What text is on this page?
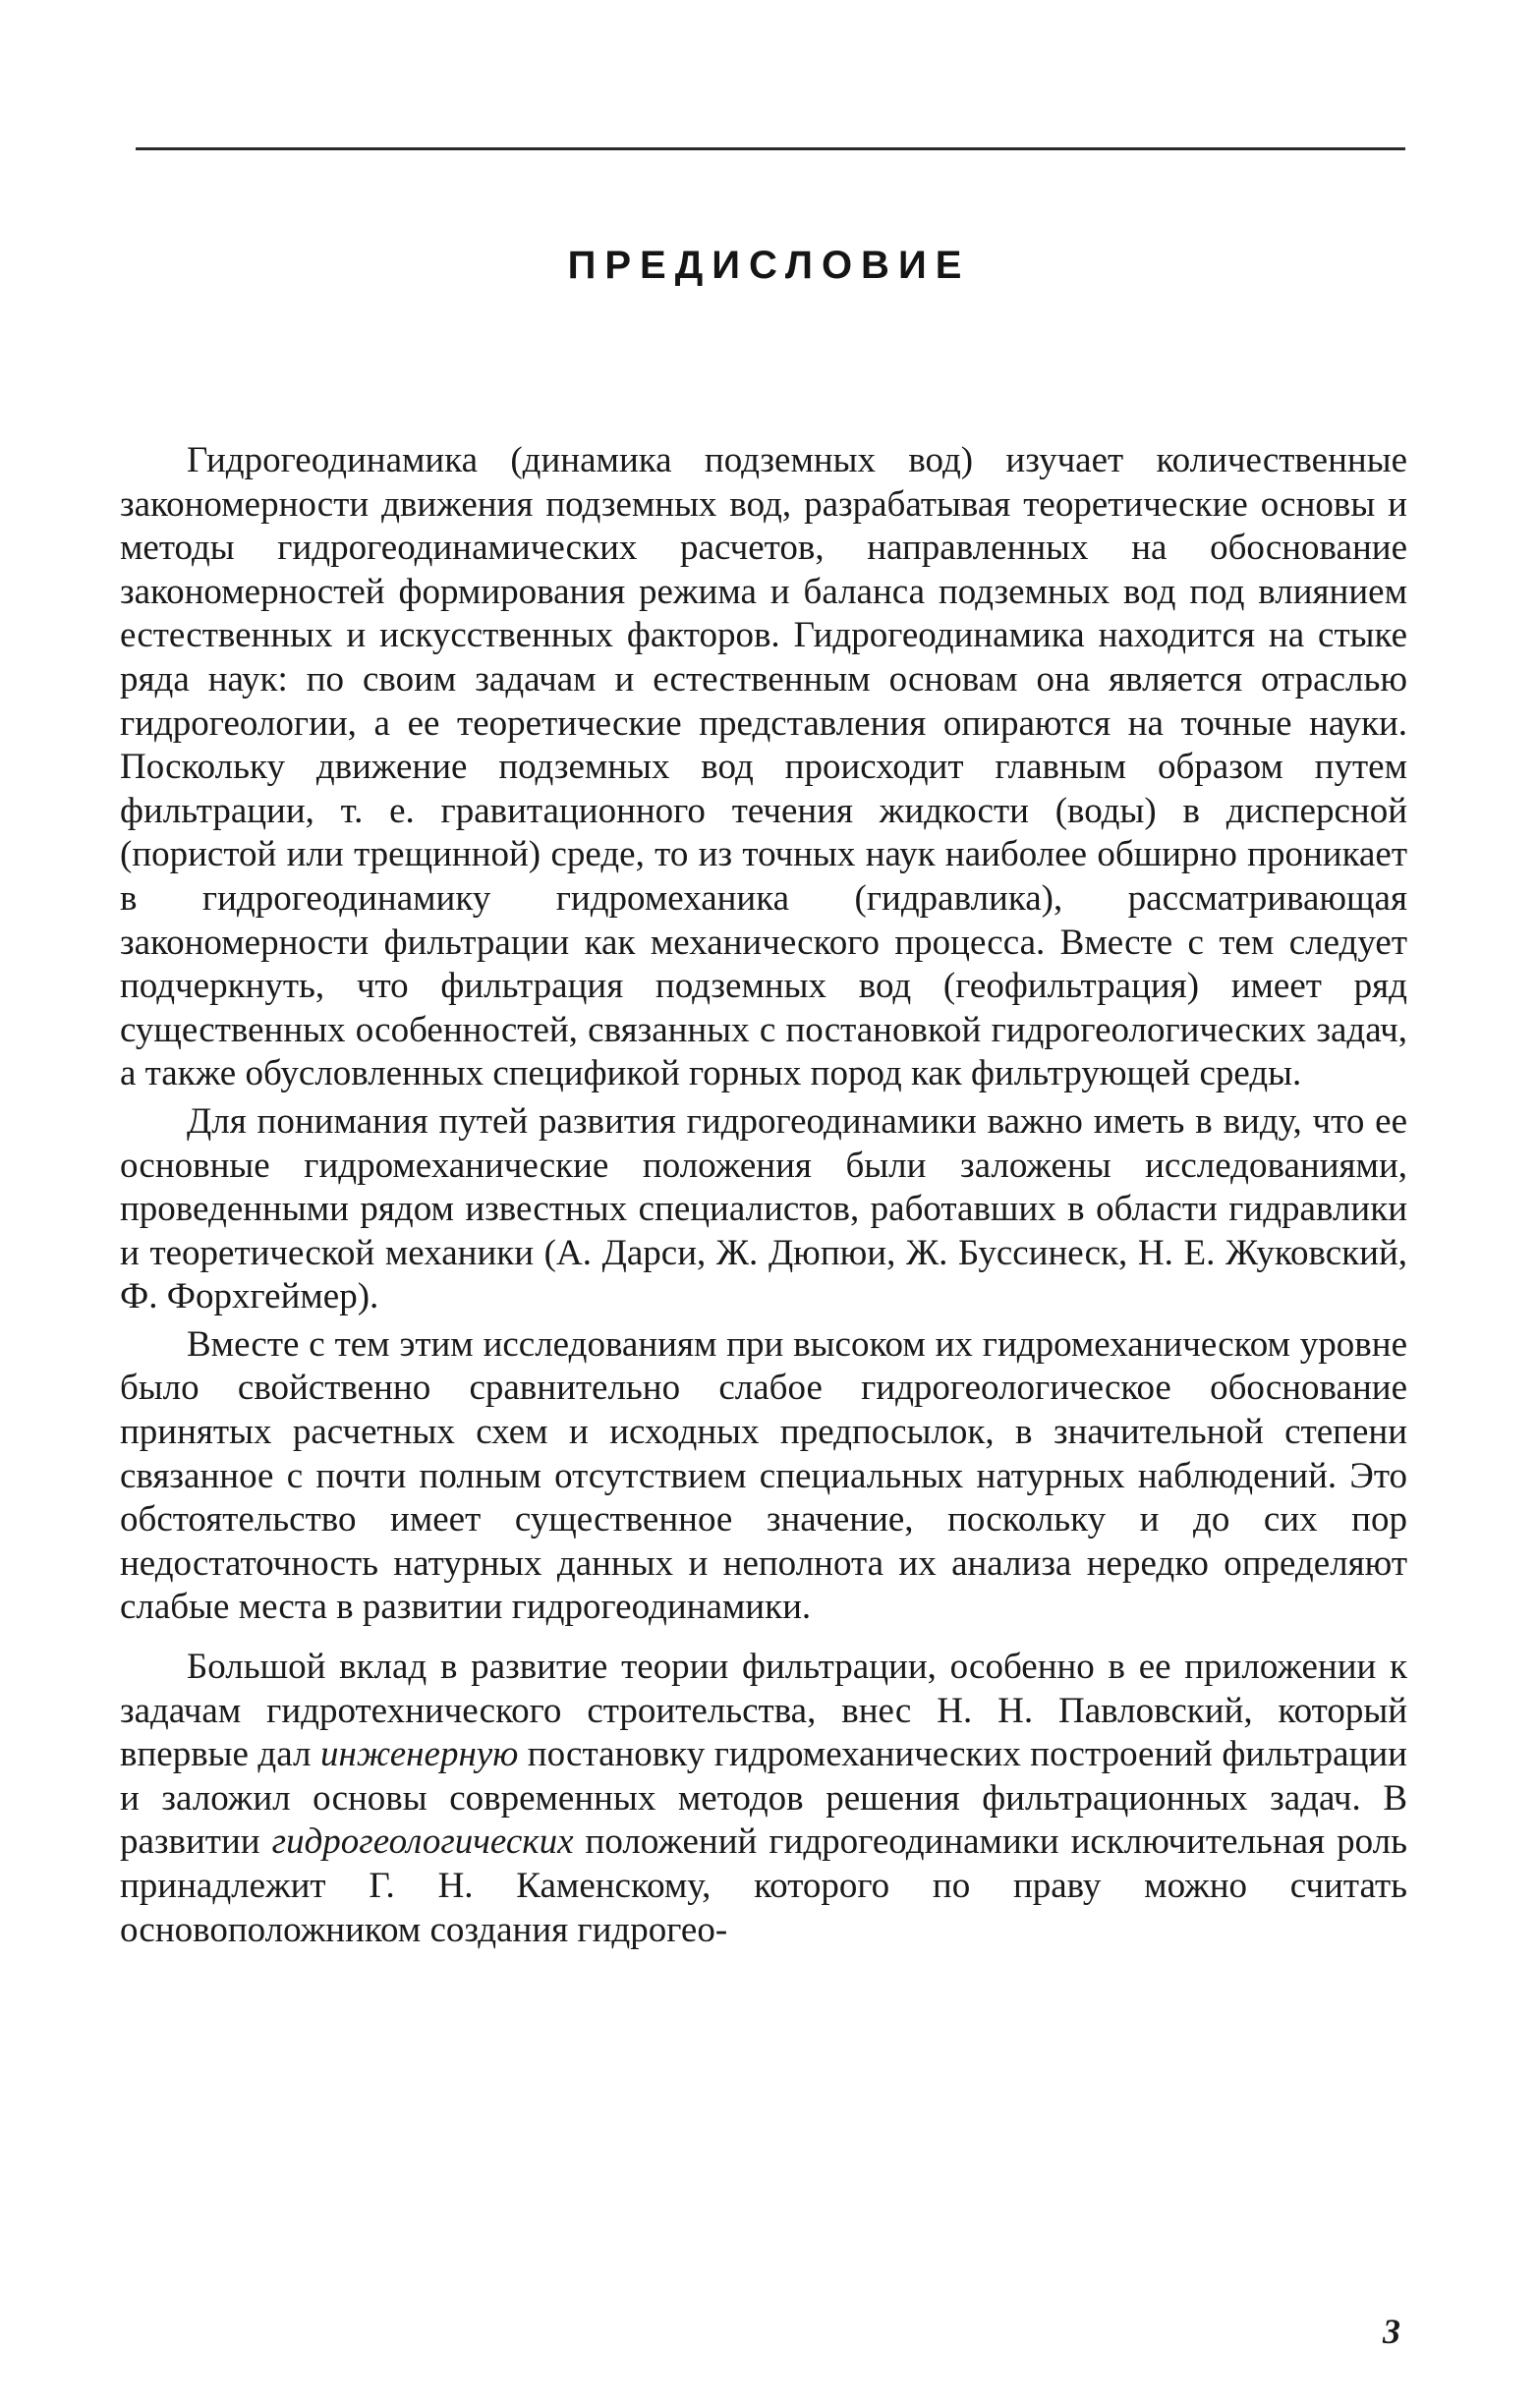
ПРЕДИСЛОВИЕ

Гидрогеодинамика (динамика подземных вод) изучает количественные закономерности движения подземных вод, разрабатывая теоретические основы и методы гидрогеодинамических расчетов, направленных на обоснование закономерностей формирования режима и баланса подземных вод под влиянием естественных и искусственных факторов. Гидрогеодинамика находится на стыке ряда наук: по своим задачам и естественным основам она является отраслью гидрогеологии, а ее теоретические представления опираются на точные науки. Поскольку движение подземных вод происходит главным образом путем фильтрации, т. е. гравитационного течения жидкости (воды) в дисперсной (пористой или трещинной) среде, то из точных наук наиболее обширно проникает в гидрогеодинамику гидромеханика (гидравлика), рассматривающая закономерности фильтрации как механического процесса. Вместе с тем следует подчеркнуть, что фильтрация подземных вод (геофильтрация) имеет ряд существенных особенностей, связанных с постановкой гидрогеологических задач, а также обусловленных спецификой горных пород как фильтрующей среды.

Для понимания путей развития гидрогеодинамики важно иметь в виду, что ее основные гидромеханические положения были заложены исследованиями, проведенными рядом известных специалистов, работавших в области гидравлики и теоретической механики (А. Дарси, Ж. Дюпюи, Ж. Буссинеск, Н. Е. Жуковский, Ф. Форхгеймер).

Вместе с тем этим исследованиям при высоком их гидромеханическом уровне было свойственно сравнительно слабое гидрогеологическое обоснование принятых расчетных схем и исходных предпосылок, в значительной степени связанное с почти полным отсутствием специальных натурных наблюдений. Это обстоятельство имеет существенное значение, поскольку и до сих пор недостаточность натурных данных и неполнота их анализа нередко определяют слабые места в развитии гидрогеодинамики.

Большой вклад в развитие теории фильтрации, особенно в ее приложении к задачам гидротехнического строительства, внес Н. Н. Павловский, который впервые дал инженерную постановку гидромеханических построений фильтрации и заложил основы современных методов решения фильтрационных задач. В развитии гидрогеологических положений гидрогеодинамики исключительная роль принадлежит Г. Н. Каменскому, которого по праву можно считать основоположником создания гидрогео-

3
